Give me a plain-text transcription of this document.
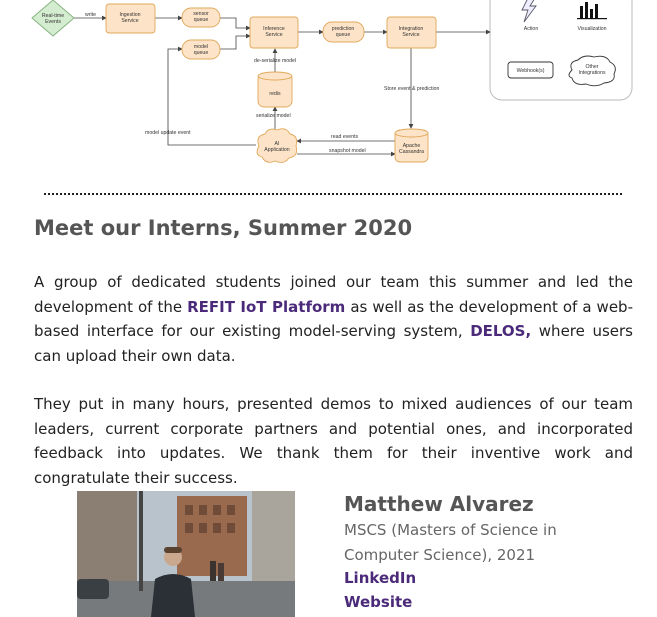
write
de-serialize model
serialize model
Store event & prediction
read events
snapshot model
model update event
Real-time Events
Ingestion Service
sensor queue
model queue
Inference Service
prediction queue
Integration Service
redis
AI Application
Apache Cassandra
Action	Visualization
Webhook(s)
Other Integrations
Meet our Interns, Summer 2020

A group of dedicated students joined our team this summer and led the development of the REFIT IoT Platform as well as the development of a web-based interface for our existing model-serving system, DELOS, where users can upload their own data.

They put in many hours, presented demos to mixed audiences of our team leaders, current corporate partners and potential ones, and incorporated feedback into updates. We thank them for their inventive work and congratulate their success.

Matthew Alvarez
MSCS (Masters of Science in Computer Science), 2021
LinkedIn
Website
